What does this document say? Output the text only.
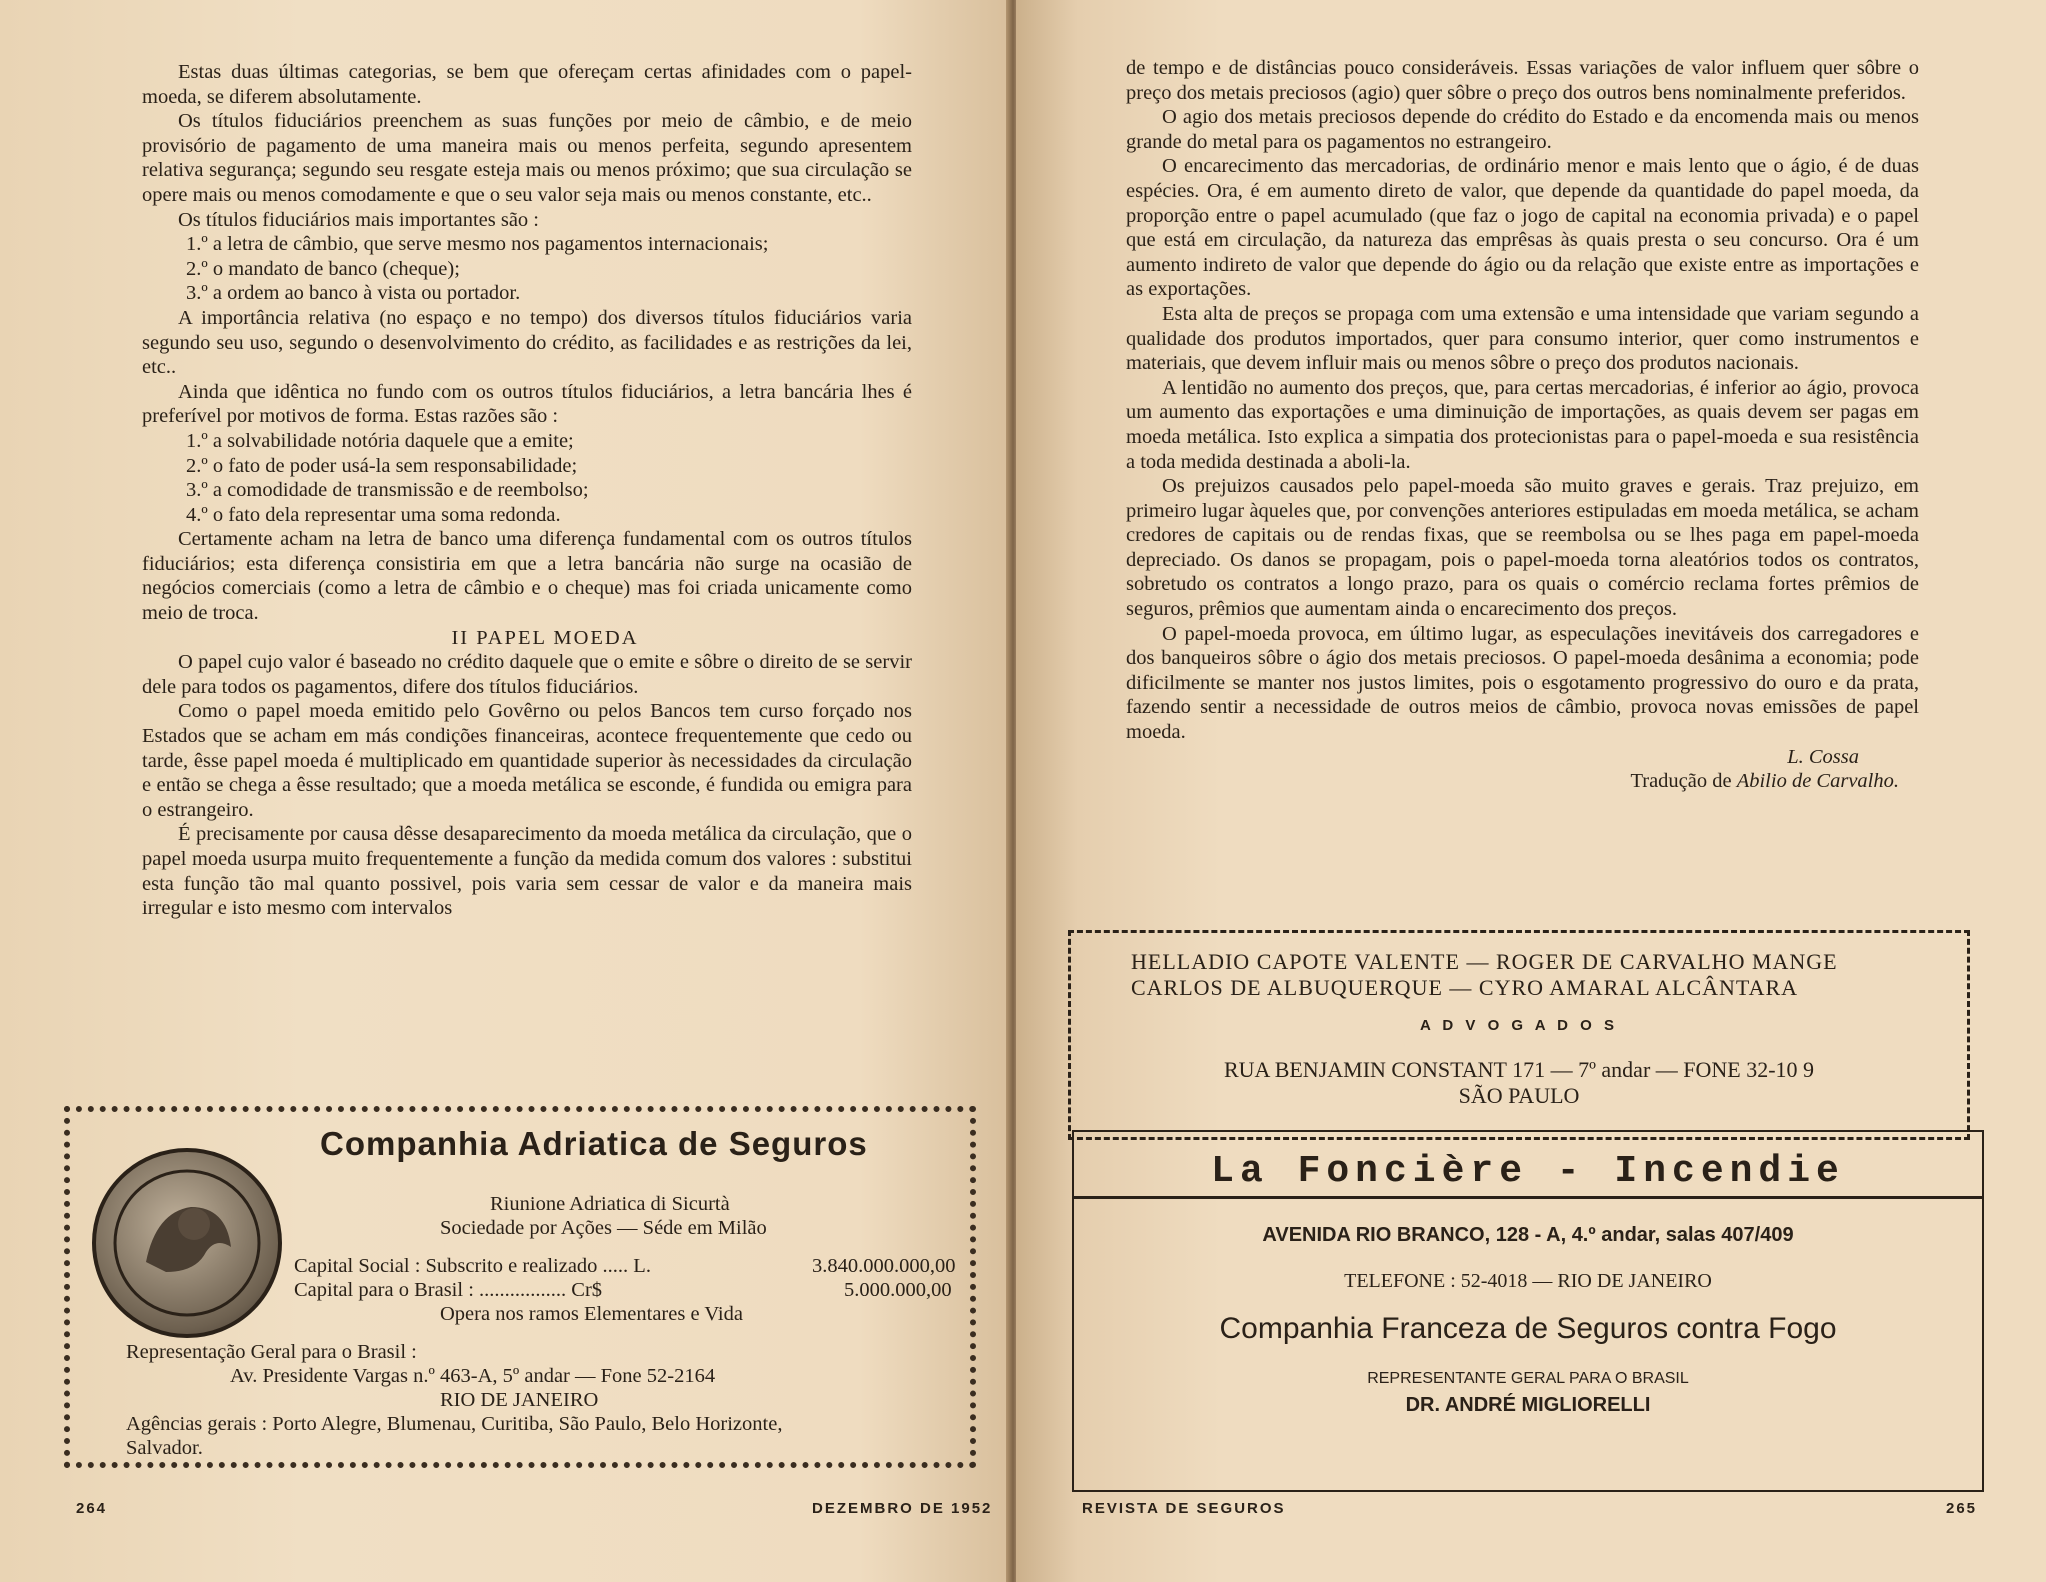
Estas duas últimas categorias, se bem que ofereçam certas afinidades com o papel-moeda, se diferem absolutamente.

Os títulos fiduciários preenchem as suas funções por meio de câmbio, e de meio provisório de pagamento de uma maneira mais ou menos perfeita, segundo apresentem relativa segurança; segundo seu resgate esteja mais ou menos próximo; que sua circulação se opere mais ou menos comodamente e que o seu valor seja mais ou menos constante, etc..

Os títulos fiduciários mais importantes são :

1.º a letra de câmbio, que serve mesmo nos pagamentos internacionais;

2.º o mandato de banco (cheque);

3.º a ordem ao banco à vista ou portador.

A importância relativa (no espaço e no tempo) dos diversos títulos fiduciários varia segundo seu uso, segundo o desenvolvimento do crédito, as facilidades e as restrições da lei, etc..

Ainda que idêntica no fundo com os outros títulos fiduciários, a letra bancária lhes é preferível por motivos de forma. Estas razões são :

1.º a solvabilidade notória daquele que a emite;

2.º o fato de poder usá-la sem responsabilidade;

3.º a comodidade de transmissão e de reembolso;

4.º o fato dela representar uma soma redonda.

Certamente acham na letra de banco uma diferença fundamental com os outros títulos fiduciários; esta diferença consistiria em que a letra bancária não surge na ocasião de negócios comerciais (como a letra de câmbio e o cheque) mas foi criada unicamente como meio de troca.

II PAPEL MOEDA

O papel cujo valor é baseado no crédito daquele que o emite e sôbre o direito de se servir dele para todos os pagamentos, difere dos títulos fiduciários.

Como o papel moeda emitido pelo Govêrno ou pelos Bancos tem curso forçado nos Estados que se acham em más condições financeiras, acontece frequentemente que cedo ou tarde, êsse papel moeda é multiplicado em quantidade superior às necessidades da circulação e então se chega a êsse resultado; que a moeda metálica se esconde, é fundida ou emigra para o estrangeiro.

É precisamente por causa dêsse desaparecimento da moeda metálica da circulação, que o papel moeda usurpa muito frequentemente a função da medida comum dos valores : substitui esta função tão mal quanto possivel, pois varia sem cessar de valor e da maneira mais irregular e isto mesmo com intervalos

Companhia Adriatica de Seguros
Riunione Adriatica di Sicurtà
Sociedade por Ações — Séde em Milão
Capital Social : Subscrito e realizado ..... L.	3.840.000.000,00
Capital para o Brasil : ................. Cr$	5.000.000,00
Opera nos ramos Elementares e Vida
Representação Geral para o Brasil :
Av. Presidente Vargas n.º 463-A, 5º andar — Fone 52-2164
RIO DE JANEIRO
Agências gerais : Porto Alegre, Blumenau, Curitiba, São Paulo, Belo Horizonte,
Salvador.
264	DEZEMBRO DE 1952

de tempo e de distâncias pouco consideráveis. Essas variações de valor influem quer sôbre o preço dos metais preciosos (agio) quer sôbre o preço dos outros bens nominalmente preferidos.

O agio dos metais preciosos depende do crédito do Estado e da encomenda mais ou menos grande do metal para os pagamentos no estrangeiro.

O encarecimento das mercadorias, de ordinário menor e mais lento que o ágio, é de duas espécies. Ora, é em aumento direto de valor, que depende da quantidade do papel moeda, da proporção entre o papel acumulado (que faz o jogo de capital na economia privada) e o papel que está em circulação, da natureza das emprêsas às quais presta o seu concurso. Ora é um aumento indireto de valor que depende do ágio ou da relação que existe entre as importações e as exportações.

Esta alta de preços se propaga com uma extensão e uma intensidade que variam segundo a qualidade dos produtos importados, quer para consumo interior, quer como instrumentos e materiais, que devem influir mais ou menos sôbre o preço dos produtos nacionais.

A lentidão no aumento dos preços, que, para certas mercadorias, é inferior ao ágio, provoca um aumento das exportações e uma diminuição de importações, as quais devem ser pagas em moeda metálica. Isto explica a simpatia dos protecionistas para o papel-moeda e sua resistência a toda medida destinada a aboli-la.

Os prejuizos causados pelo papel-moeda são muito graves e gerais. Traz prejuizo, em primeiro lugar àqueles que, por convenções anteriores estipuladas em moeda metálica, se acham credores de capitais ou de rendas fixas, que se reembolsa ou se lhes paga em papel-moeda depreciado. Os danos se propagam, pois o papel-moeda torna aleatórios todos os contratos, sobretudo os contratos a longo prazo, para os quais o comércio reclama fortes prêmios de seguros, prêmios que aumentam ainda o encarecimento dos preços.

O papel-moeda provoca, em último lugar, as especulações inevitáveis dos carregadores e dos banqueiros sôbre o ágio dos metais preciosos. O papel-moeda desânima a economia; pode dificilmente se manter nos justos limites, pois o esgotamento progressivo do ouro e da prata, fazendo sentir a necessidade de outros meios de câmbio, provoca novas emissões de papel moeda.

L. Cossa

Tradução de Abilio de Carvalho.

HELLADIO CAPOTE VALENTE — ROGER DE CARVALHO MANGE
CARLOS DE ALBUQUERQUE — CYRO AMARAL ALCÂNTARA
A D V O G A D O S
RUA BENJAMIN CONSTANT 171 — 7º andar — FONE 32-10 9
SÃO PAULO
La Foncière - Incendie
AVENIDA RIO BRANCO, 128 - A, 4.º andar, salas 407/409
TELEFONE : 52-4018 — RIO DE JANEIRO
Companhia Franceza de Seguros contra Fogo
REPRESENTANTE GERAL PARA O BRASIL
DR. ANDRÉ MIGLIORELLI
REVISTA DE SEGUROS	265
